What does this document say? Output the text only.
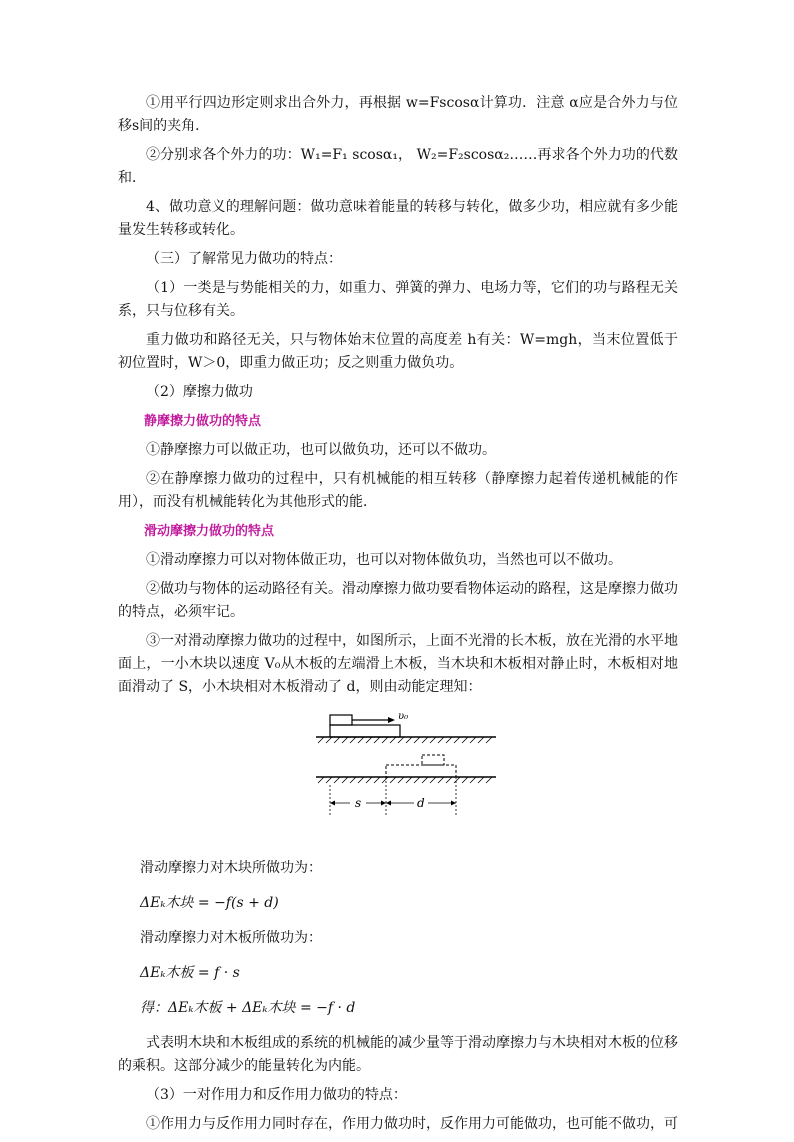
①用平行四边形定则求出合外力，再根据 w=Fscosα计算功．注意 α应是合外力与位移s间的夹角．

②分别求各个外力的功：W₁=F₁ scosα₁， W₂=F₂scosα₂……再求各个外力功的代数和．

4、做功意义的理解问题：做功意味着能量的转移与转化，做多少功，相应就有多少能量发生转移或转化。

（三）了解常见力做功的特点：

（1）一类是与势能相关的力，如重力、弹簧的弹力、电场力等，它们的功与路程无关系，只与位移有关。

重力做功和路径无关，只与物体始末位置的高度差 h有关：W=mgh，当末位置低于初位置时，W＞0，即重力做正功；反之则重力做负功。

（2）摩擦力做功

静摩擦力做功的特点

①静摩擦力可以做正功，也可以做负功，还可以不做功。

②在静摩擦力做功的过程中，只有机械能的相互转移（静摩擦力起着传递机械能的作用），而没有机械能转化为其他形式的能．

滑动摩擦力做功的特点

①滑动摩擦力可以对物体做正功，也可以对物体做负功，当然也可以不做功。

②做功与物体的运动路径有关。滑动摩擦力做功要看物体运动的路程，这是摩擦力做功的特点，必须牢记。

③一对滑动摩擦力做功的过程中，如图所示，上面不光滑的长木板，放在光滑的水平地面上，一小木块以速度 V₀从木板的左端滑上木板，当木块和木板相对静止时，木板相对地面滑动了 S，小木块相对木板滑动了 d，则由动能定理知：

υ₀
s	d

滑动摩擦力对木块所做功为：

ΔEₖ木块 = −f(s + d)

滑动摩擦力对木板所做功为：

ΔEₖ木板 = f · s

得：ΔEₖ木板 + ΔEₖ木块 = −f · d

式表明木块和木板组成的系统的机械能的减少量等于滑动摩擦力与木块相对木板的位移的乘积。这部分减少的能量转化为内能。

（3）一对作用力和反作用力做功的特点：

①作用力与反作用力同时存在，作用力做功时，反作用力可能做功，也可能不做功，可
